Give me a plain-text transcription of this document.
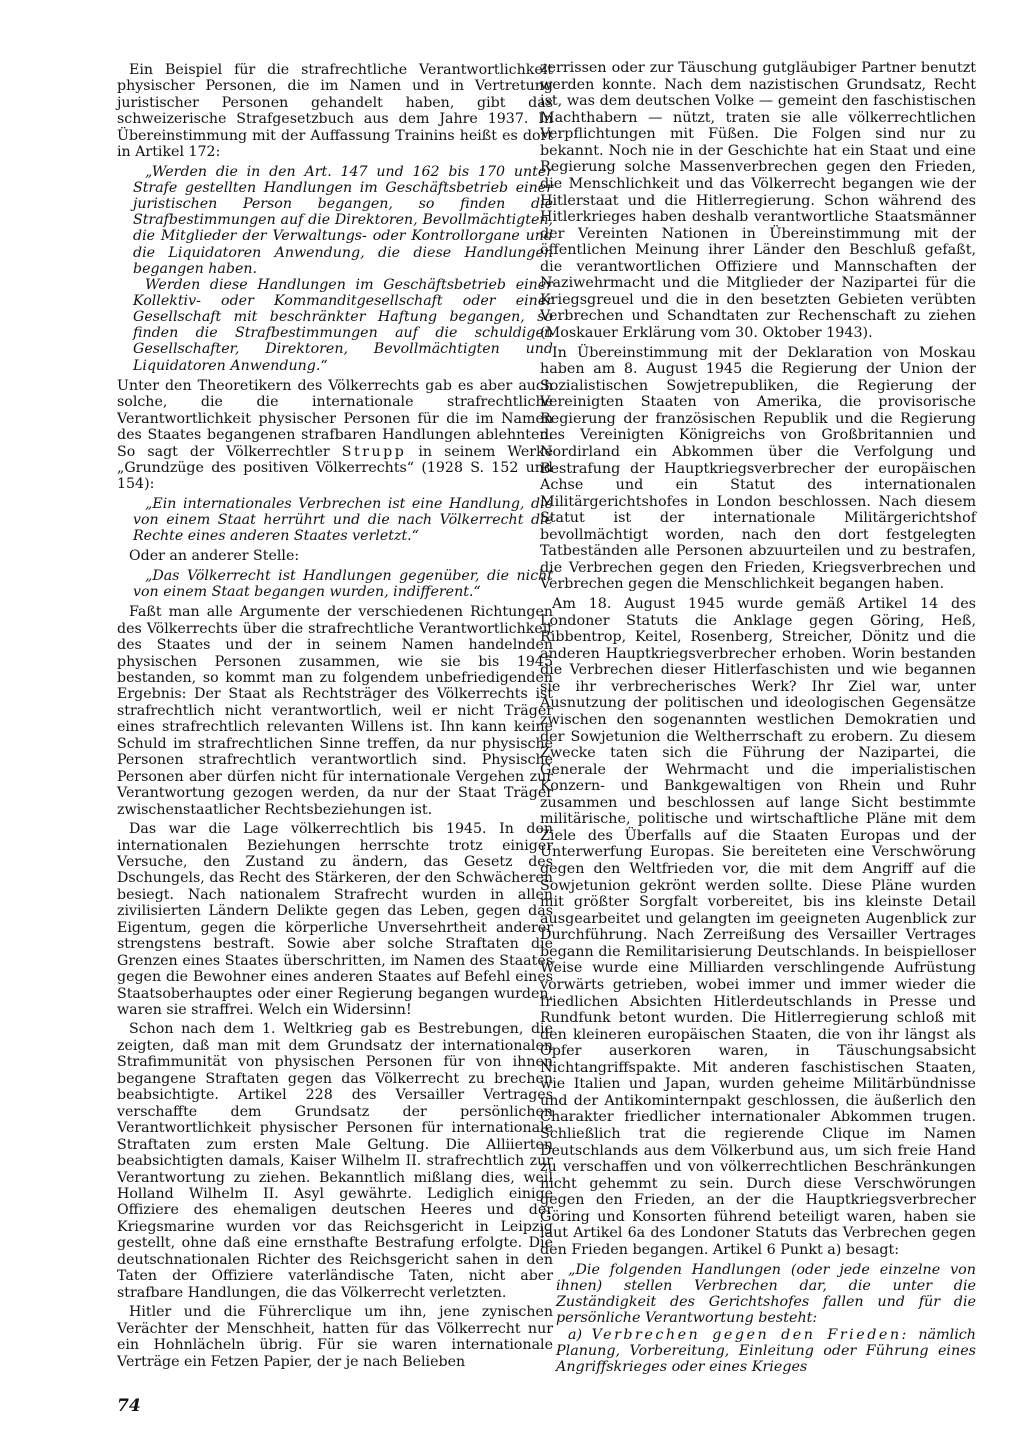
Ein Beispiel für die strafrechtliche Verantwortlichkeit physischer Personen, die im Namen und in Vertretung juristischer Personen gehandelt haben, gibt das schweizerische Strafgesetzbuch aus dem Jahre 1937. In Übereinstimmung mit der Auffassung Trainins heißt es dort in Artikel 172:

„Werden die in den Art. 147 und 162 bis 170 unter Strafe gestellten Handlungen im Geschäftsbetrieb einer juristischen Person begangen, so finden die Strafbestimmungen auf die Direktoren, Bevollmächtigten, die Mitglieder der Verwaltungs- oder Kontrollorgane und die Liquidatoren Anwendung, die diese Handlungen begangen haben.

Werden diese Handlungen im Geschäftsbetrieb einer Kollektiv- oder Kommanditgesellschaft oder einer Gesellschaft mit beschränkter Haftung begangen, so finden die Strafbestimmungen auf die schuldigen Gesellschafter, Direktoren, Bevollmächtigten und Liquidatoren Anwendung.“

Unter den Theoretikern des Völkerrechts gab es aber auch solche, die die internationale strafrechtliche Verantwortlichkeit physischer Personen für die im Namen des Staates begangenen strafbaren Handlungen ablehnten. So sagt der Völkerrechtler Strupp in seinem Werke „Grundzüge des positiven Völkerrechts“ (1928 S. 152 und 154):

„Ein internationales Verbrechen ist eine Handlung, die von einem Staat herrührt und die nach Völkerrecht die Rechte eines anderen Staates verletzt.“

Oder an anderer Stelle:

„Das Völkerrecht ist Handlungen gegenüber, die nicht von einem Staat begangen wurden, indifferent.“

Faßt man alle Argumente der verschiedenen Richtungen des Völkerrechts über die strafrechtliche Verantwortlichkeit des Staates und der in seinem Namen handelnden physischen Personen zusammen, wie sie bis 1945 bestanden, so kommt man zu folgendem unbefriedigenden Ergebnis: Der Staat als Rechtsträger des Völkerrechts ist strafrechtlich nicht verantwortlich, weil er nicht Träger eines strafrechtlich relevanten Willens ist. Ihn kann keine Schuld im strafrechtlichen Sinne treffen, da nur physische Personen strafrechtlich verantwortlich sind. Physische Personen aber dürfen nicht für internationale Vergehen zur Verantwortung gezogen werden, da nur der Staat Träger zwischenstaatlicher Rechtsbeziehungen ist.

Das war die Lage völkerrechtlich bis 1945. In den internationalen Beziehungen herrschte trotz einiger Versuche, den Zustand zu ändern, das Gesetz des Dschungels, das Recht des Stärkeren, der den Schwächeren besiegt. Nach nationalem Strafrecht wurden in allen zivilisierten Ländern Delikte gegen das Leben, gegen das Eigentum, gegen die körperliche Unversehrtheit anderer strengstens bestraft. Sowie aber solche Straftaten die Grenzen eines Staates überschritten, im Namen des Staates gegen die Bewohner eines anderen Staates auf Befehl eines Staatsoberhauptes oder einer Regierung begangen wurden, waren sie straffrei. Welch ein Widersinn!

Schon nach dem 1. Weltkrieg gab es Bestrebungen, die zeigten, daß man mit dem Grundsatz der internationalen Strafimmunität von physischen Personen für von ihnen begangene Straftaten gegen das Völkerrecht zu brechen beabsichtigte. Artikel 228 des Versailler Vertrages verschaffte dem Grundsatz der persönlichen Verantwortlichkeit physischer Personen für internationale Straftaten zum ersten Male Geltung. Die Alliierten beabsichtigten damals, Kaiser Wilhelm II. strafrechtlich zur Verantwortung zu ziehen. Bekanntlich mißlang dies, weil Holland Wilhelm II. Asyl gewährte. Lediglich einige Offiziere des ehemaligen deutschen Heeres und der Kriegsmarine wurden vor das Reichsgericht in Leipzig gestellt, ohne daß eine ernsthafte Bestrafung erfolgte. Die deutschnationalen Richter des Reichsgericht sahen in den Taten der Offiziere vaterländische Taten, nicht aber strafbare Handlungen, die das Völkerrecht verletzten.

Hitler und die Führerclique um ihn, jene zynischen Verächter der Menschheit, hatten für das Völkerrecht nur ein Hohnlächeln übrig. Für sie waren internationale Verträge ein Fetzen Papier, der je nach Belieben

zerrissen oder zur Täuschung gutgläubiger Partner benutzt werden konnte. Nach dem nazistischen Grundsatz, Recht ist, was dem deutschen Volke — gemeint den faschistischen Machthabern — nützt, traten sie alle völkerrechtlichen Verpflichtungen mit Füßen. Die Folgen sind nur zu bekannt. Noch nie in der Geschichte hat ein Staat und eine Regierung solche Massenverbrechen gegen den Frieden, die Menschlichkeit und das Völkerrecht begangen wie der Hitlerstaat und die Hitlerregierung. Schon während des Hitlerkrieges haben deshalb verantwortliche Staatsmänner der Vereinten Nationen in Übereinstimmung mit der öffentlichen Meinung ihrer Länder den Beschluß gefaßt, die verantwortlichen Offiziere und Mannschaften der Naziwehrmacht und die Mitglieder der Nazipartei für die Kriegsgreuel und die in den besetzten Gebieten verübten Verbrechen und Schandtaten zur Rechenschaft zu ziehen (Moskauer Erklärung vom 30. Oktober 1943).

In Übereinstimmung mit der Deklaration von Moskau haben am 8. August 1945 die Regierung der Union der Sozialistischen Sowjetrepubliken, die Regierung der Vereinigten Staaten von Amerika, die provisorische Regierung der französischen Republik und die Regierung des Vereinigten Königreichs von Großbritannien und Nordirland ein Abkommen über die Verfolgung und Bestrafung der Hauptkriegsverbrecher der europäischen Achse und ein Statut des internationalen Militärgerichtshofes in London beschlossen. Nach diesem Statut ist der internationale Militärgerichtshof bevollmächtigt worden, nach den dort festgelegten Tatbeständen alle Personen abzuurteilen und zu bestrafen, die Verbrechen gegen den Frieden, Kriegsverbrechen und Verbrechen gegen die Menschlichkeit begangen haben.

Am 18. August 1945 wurde gemäß Artikel 14 des Londoner Statuts die Anklage gegen Göring, Heß, Ribbentrop, Keitel, Rosenberg, Streicher, Dönitz und die anderen Hauptkriegsverbrecher erhoben. Worin bestanden die Verbrechen dieser Hitlerfaschisten und wie begannen sie ihr verbrecherisches Werk? Ihr Ziel war, unter Ausnutzung der politischen und ideologischen Gegensätze zwischen den sogenannten westlichen Demokratien und der Sowjetunion die Weltherrschaft zu erobern. Zu diesem Zwecke taten sich die Führung der Nazipartei, die Generale der Wehrmacht und die imperialistischen Konzern- und Bankgewaltigen von Rhein und Ruhr zusammen und beschlossen auf lange Sicht bestimmte militärische, politische und wirtschaftliche Pläne mit dem Ziele des Überfalls auf die Staaten Europas und der Unterwerfung Europas. Sie bereiteten eine Verschwörung gegen den Weltfrieden vor, die mit dem Angriff auf die Sowjetunion gekrönt werden sollte. Diese Pläne wurden mit größter Sorgfalt vorbereitet, bis ins kleinste Detail ausgearbeitet und gelangten im geeigneten Augenblick zur Durchführung. Nach Zerreißung des Versailler Vertrages begann die Remilitarisierung Deutschlands. In beispielloser Weise wurde eine Milliarden verschlingende Aufrüstung vorwärts getrieben, wobei immer und immer wieder die friedlichen Absichten Hitlerdeutschlands in Presse und Rundfunk betont wurden. Die Hitlerregierung schloß mit den kleineren europäischen Staaten, die von ihr längst als Opfer auserkoren waren, in Täuschungsabsicht Nichtangriffspakte. Mit anderen faschistischen Staaten, wie Italien und Japan, wurden geheime Militärbündnisse und der Antikominternpakt geschlossen, die äußerlich den Charakter friedlicher internationaler Abkommen trugen. Schließlich trat die regierende Clique im Namen Deutschlands aus dem Völkerbund aus, um sich freie Hand zu verschaffen und von völkerrechtlichen Beschränkungen nicht gehemmt zu sein. Durch diese Verschwörungen gegen den Frieden, an der die Hauptkriegsverbrecher Göring und Konsorten führend beteiligt waren, haben sie laut Artikel 6a des Londoner Statuts das Verbrechen gegen den Frieden begangen. Artikel 6 Punkt a) besagt:

„Die folgenden Handlungen (oder jede einzelne von ihnen) stellen Verbrechen dar, die unter die Zuständigkeit des Gerichtshofes fallen und für die persönliche Verantwortung besteht:

a) Verbrechen gegen den Frieden: nämlich Planung, Vorbereitung, Einleitung oder Führung eines Angriffskrieges oder eines Krieges

74
